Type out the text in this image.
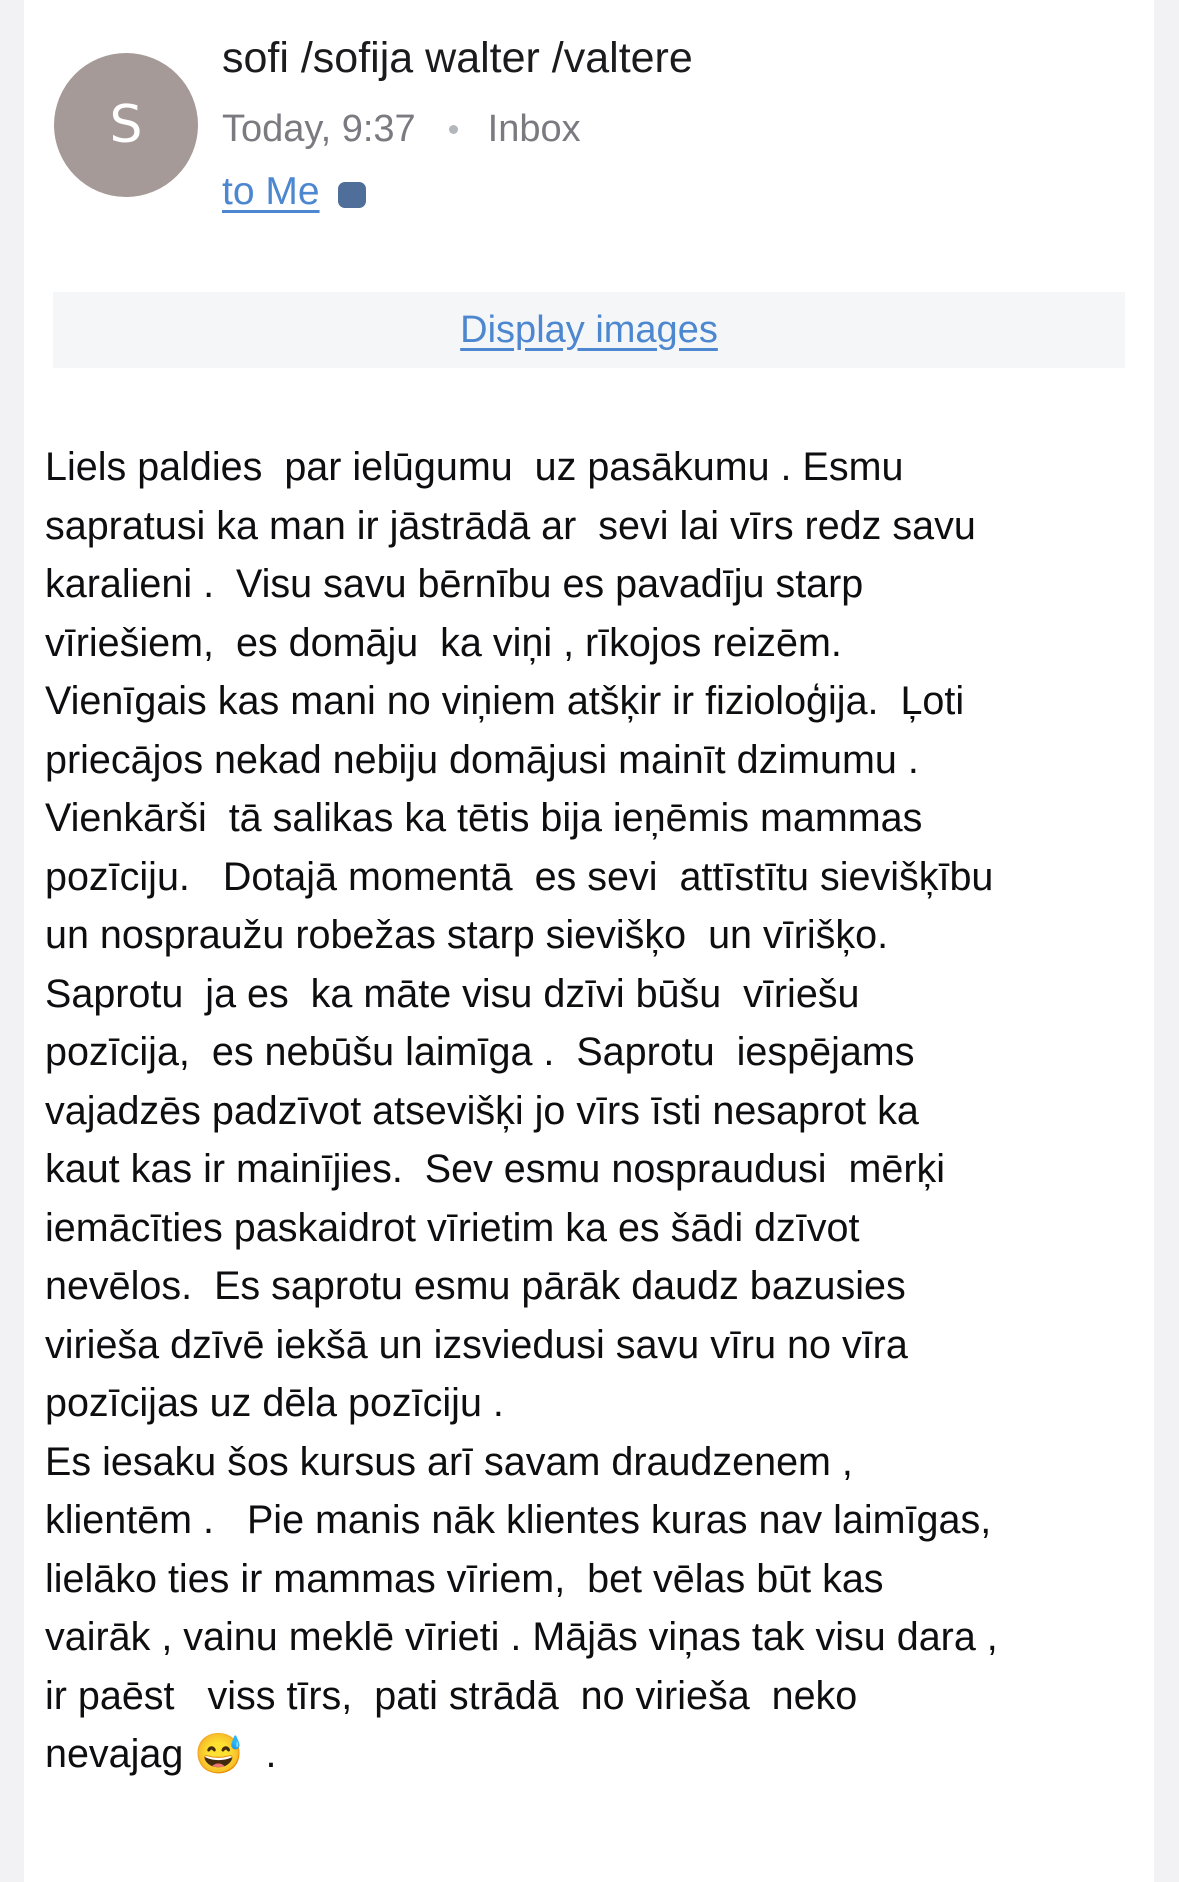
S
sofi /sofija walter /valtere
Today, 9:37 Inbox
to Me
Display images
Liels paldies  par ielūgumu  uz pasākumu . Esmu
sapratusi ka man ir jāstrādā ar  sevi lai vīrs redz savu
karalieni .  Visu savu bērnību es pavadīju starp
vīriešiem,  es domāju  ka viņi , rīkojos reizēm.
Vienīgais kas mani no viņiem atšķir ir fizioloģija.  Ļoti
priecājos nekad nebiju domājusi mainīt dzimumu .
Vienkārši  tā salikas ka tētis bija ieņēmis mammas
pozīciju.   Dotajā momentā  es sevi  attīstītu sievišķību
un nospraužu robežas starp sievišķo  un vīrišķo.
Saprotu  ja es  ka māte visu dzīvi būšu  vīriešu
pozīcija,  es nebūšu laimīga .  Saprotu  iespējams
vajadzēs padzīvot atsevišķi jo vīrs īsti nesaprot ka
kaut kas ir mainījies.  Sev esmu nospraudusi  mērķi
iemācīties paskaidrot vīrietim ka es šādi dzīvot
nevēlos.  Es saprotu esmu pārāk daudz bazusies
virieša dzīvē iekšā un izsviedusi savu vīru no vīra
pozīcijas uz dēla pozīciju .
Es iesaku šos kursus arī savam draudzenem ,
klientēm .   Pie manis nāk klientes kuras nav laimīgas,
lielāko ties ir mammas vīriem,  bet vēlas būt kas
vairāk , vainu meklē vīrieti . Mājās viņas tak visu dara ,
ir paēst   viss tīrs,  pati strādā  no virieša  neko
nevajag 😅  .
